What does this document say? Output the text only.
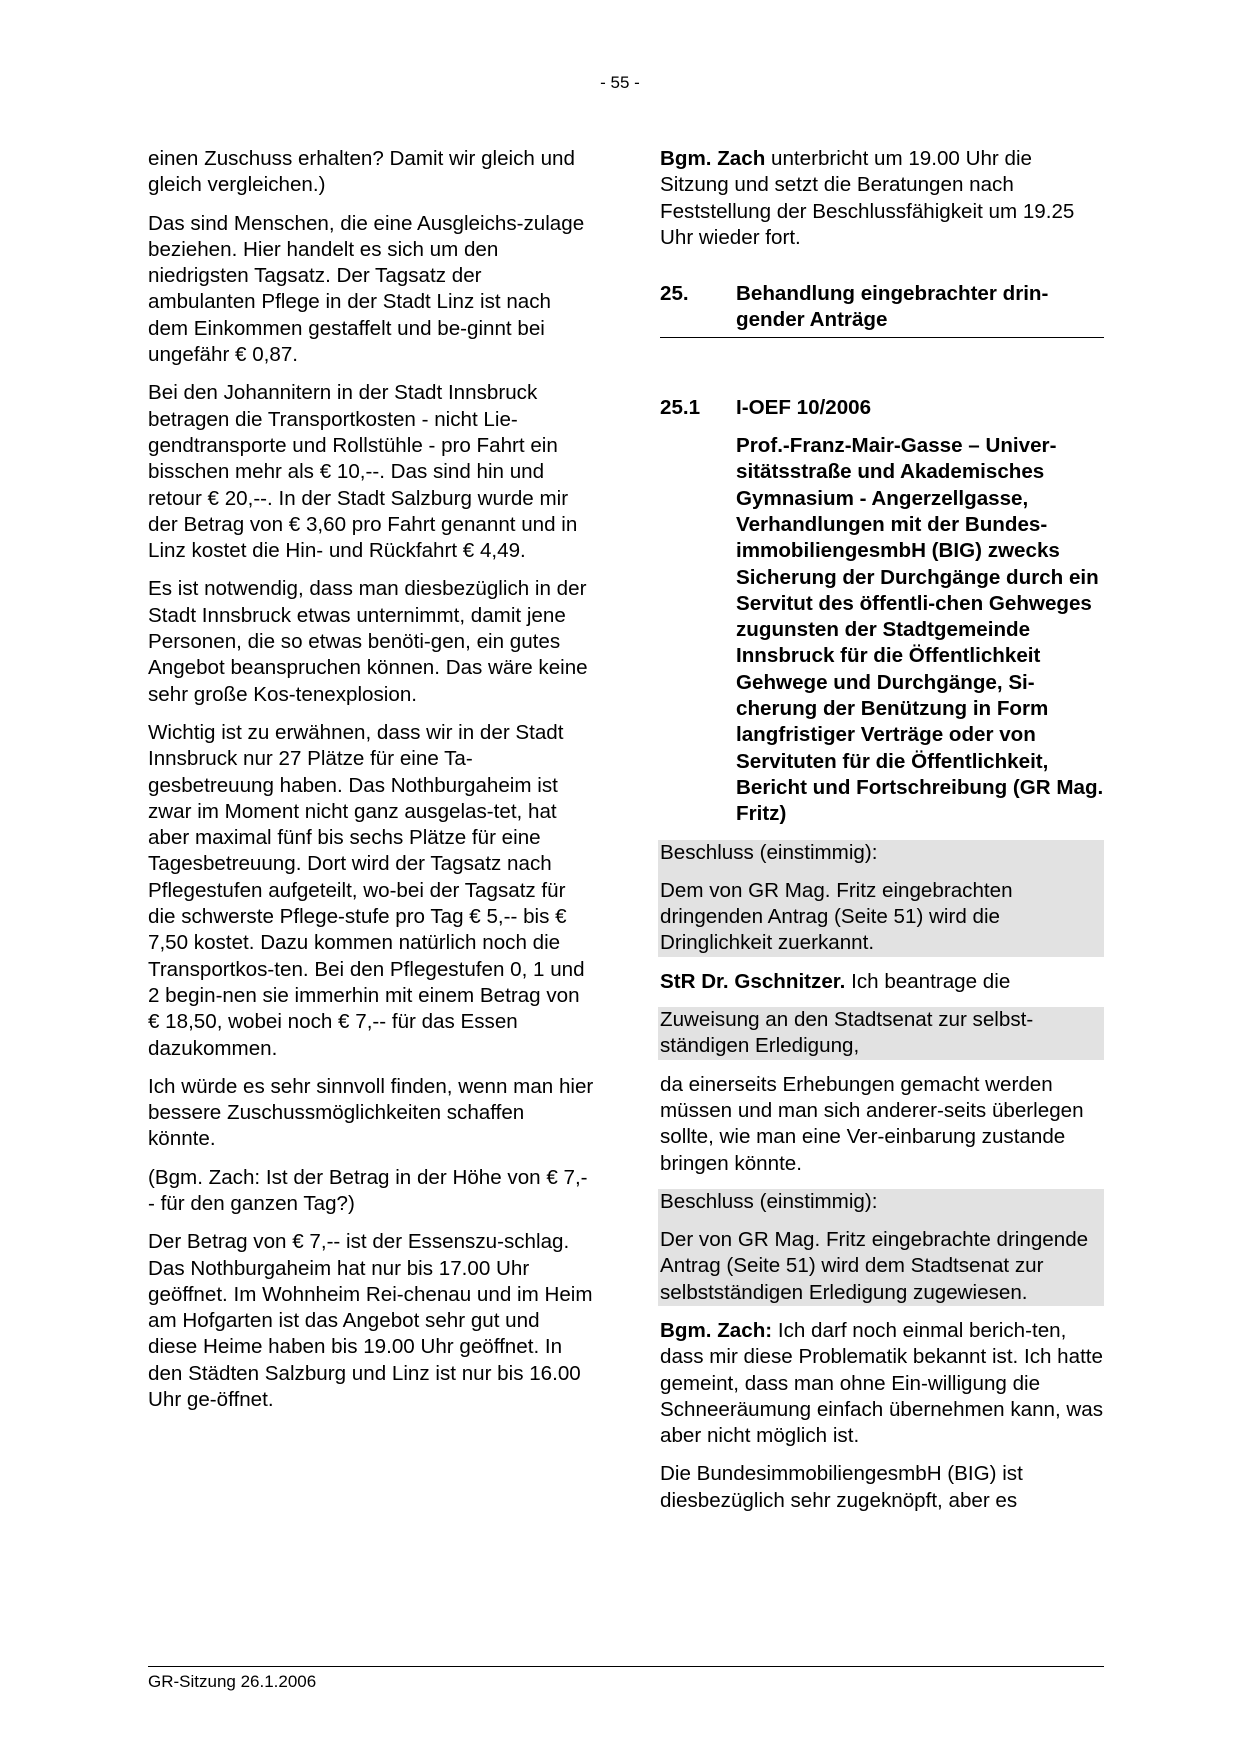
- 55 -

einen Zuschuss erhalten? Damit wir gleich und gleich vergleichen.)

Das sind Menschen, die eine Ausgleichs-zulage beziehen. Hier handelt es sich um den niedrigsten Tagsatz. Der Tagsatz der ambulanten Pflege in der Stadt Linz ist nach dem Einkommen gestaffelt und be-ginnt bei ungefähr € 0,87.

Bei den Johannitern in der Stadt Innsbruck betragen die Transportkosten - nicht Lie-gendtransporte und Rollstühle - pro Fahrt ein bisschen mehr als € 10,--. Das sind hin und retour € 20,--. In der Stadt Salzburg wurde mir der Betrag von € 3,60 pro Fahrt genannt und in Linz kostet die Hin- und Rückfahrt € 4,49.

Es ist notwendig, dass man diesbezüglich in der Stadt Innsbruck etwas unternimmt, damit jene Personen, die so etwas benöti-gen, ein gutes Angebot beanspruchen können. Das wäre keine sehr große Kos-tenexplosion.

Wichtig ist zu erwähnen, dass wir in der Stadt Innsbruck nur 27 Plätze für eine Ta-gesbetreuung haben. Das Nothburgaheim ist zwar im Moment nicht ganz ausgelas-tet, hat aber maximal fünf bis sechs Plätze für eine Tagesbetreuung. Dort wird der Tagsatz nach Pflegestufen aufgeteilt, wo-bei der Tagsatz für die schwerste Pflege-stufe pro Tag € 5,-- bis € 7,50 kostet. Dazu kommen natürlich noch die Transportkos-ten. Bei den Pflegestufen 0, 1 und 2 begin-nen sie immerhin mit einem Betrag von € 18,50, wobei noch € 7,-- für das Essen dazukommen.

Ich würde es sehr sinnvoll finden, wenn man hier bessere Zuschussmöglichkeiten schaffen könnte.

(Bgm. Zach: Ist der Betrag in der Höhe von € 7,-- für den ganzen Tag?)

Der Betrag von € 7,-- ist der Essenszu-schlag. Das Nothburgaheim hat nur bis 17.00 Uhr geöffnet. Im Wohnheim Rei-chenau und im Heim am Hofgarten ist das Angebot sehr gut und diese Heime haben bis 19.00 Uhr geöffnet. In den Städten Salzburg und Linz ist nur bis 16.00 Uhr ge-öffnet.

Bgm. Zach unterbricht um 19.00 Uhr die Sitzung und setzt die Beratungen nach Feststellung der Beschlussfähigkeit um 19.25 Uhr wieder fort.

25.	Behandlung eingebrachter drin-gender Anträge
25.1	I-OEF 10/2006
Prof.-Franz-Mair-Gasse – Univer-sitätsstraße und Akademisches Gymnasium - Angerzellgasse, Verhandlungen mit der Bundes-immobiliengesmbH (BIG) zwecks Sicherung der Durchgänge durch ein Servitut des öffentli-chen Gehweges zugunsten der Stadtgemeinde Innsbruck für die Öffentlichkeit
Gehwege und Durchgänge, Si-cherung der Benützung in Form langfristiger Verträge oder von Servituten für die Öffentlichkeit, Bericht und Fortschreibung (GR Mag. Fritz)

Beschluss (einstimmig):

Dem von GR Mag. Fritz eingebrachten dringenden Antrag (Seite 51) wird die Dringlichkeit zuerkannt.

StR Dr. Gschnitzer. Ich beantrage die

Zuweisung an den Stadtsenat zur selbst-ständigen Erledigung,

da einerseits Erhebungen gemacht werden müssen und man sich anderer-seits überlegen sollte, wie man eine Ver-einbarung zustande bringen könnte.

Beschluss (einstimmig):

Der von GR Mag. Fritz eingebrachte dringende Antrag (Seite 51) wird dem Stadtsenat zur selbstständigen Erledigung zugewiesen.

Bgm. Zach: Ich darf noch einmal berich-ten, dass mir diese Problematik bekannt ist. Ich hatte gemeint, dass man ohne Ein-willigung die Schneeräumung einfach übernehmen kann, was aber nicht möglich ist.

Die BundesimmobiliengesmbH (BIG) ist diesbezüglich sehr zugeknöpft, aber es

GR-Sitzung 26.1.2006
